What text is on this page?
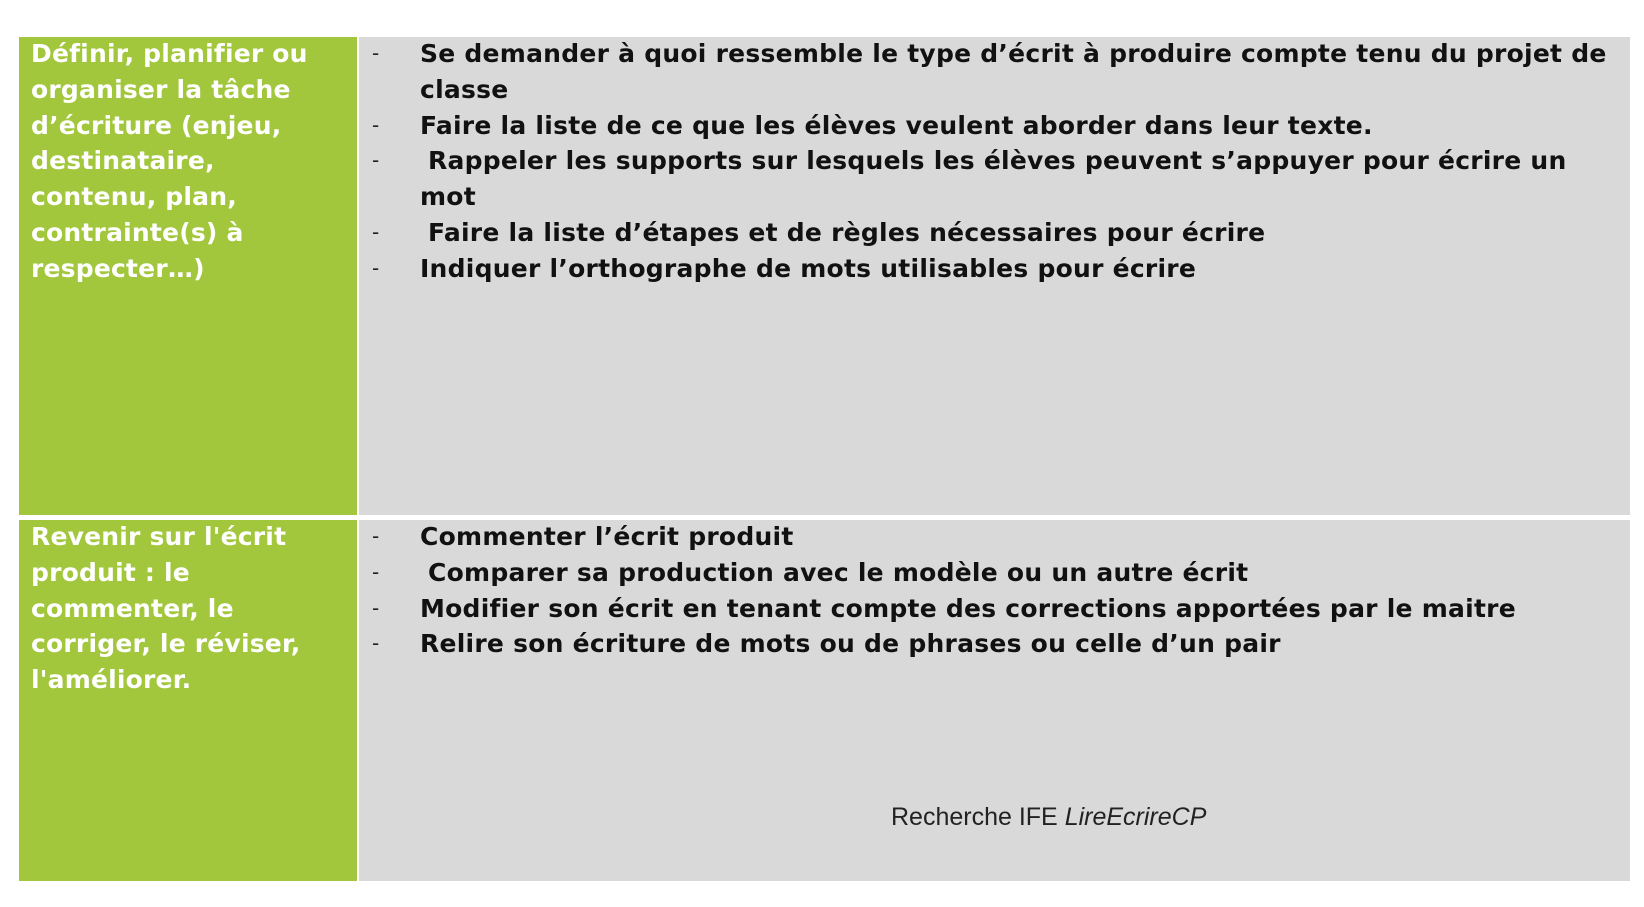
Définir, planifier ou organiser la tâche d’écriture (enjeu, destinataire, contenu, plan, contrainte(s) à respecter…)
- Se demander à quoi ressemble le type d’écrit à produire compte tenu du projet de classe
- Faire la liste de ce que les élèves veulent aborder dans leur texte.
- Rappeler les supports sur lesquels les élèves peuvent s’appuyer pour écrire un mot
- Faire la liste d’étapes et de règles nécessaires pour écrire
- Indiquer l’orthographe de mots utilisables pour écrire
Revenir sur l'écrit produit : le commenter, le corriger, le réviser, l'améliorer.
- Commenter l’écrit produit
- Comparer sa production avec le modèle ou un autre écrit
- Modifier son écrit en tenant compte des corrections apportées par le maitre
- Relire son écriture de mots ou de phrases ou celle d’un pair
Recherche IFE LireEcrireCP
